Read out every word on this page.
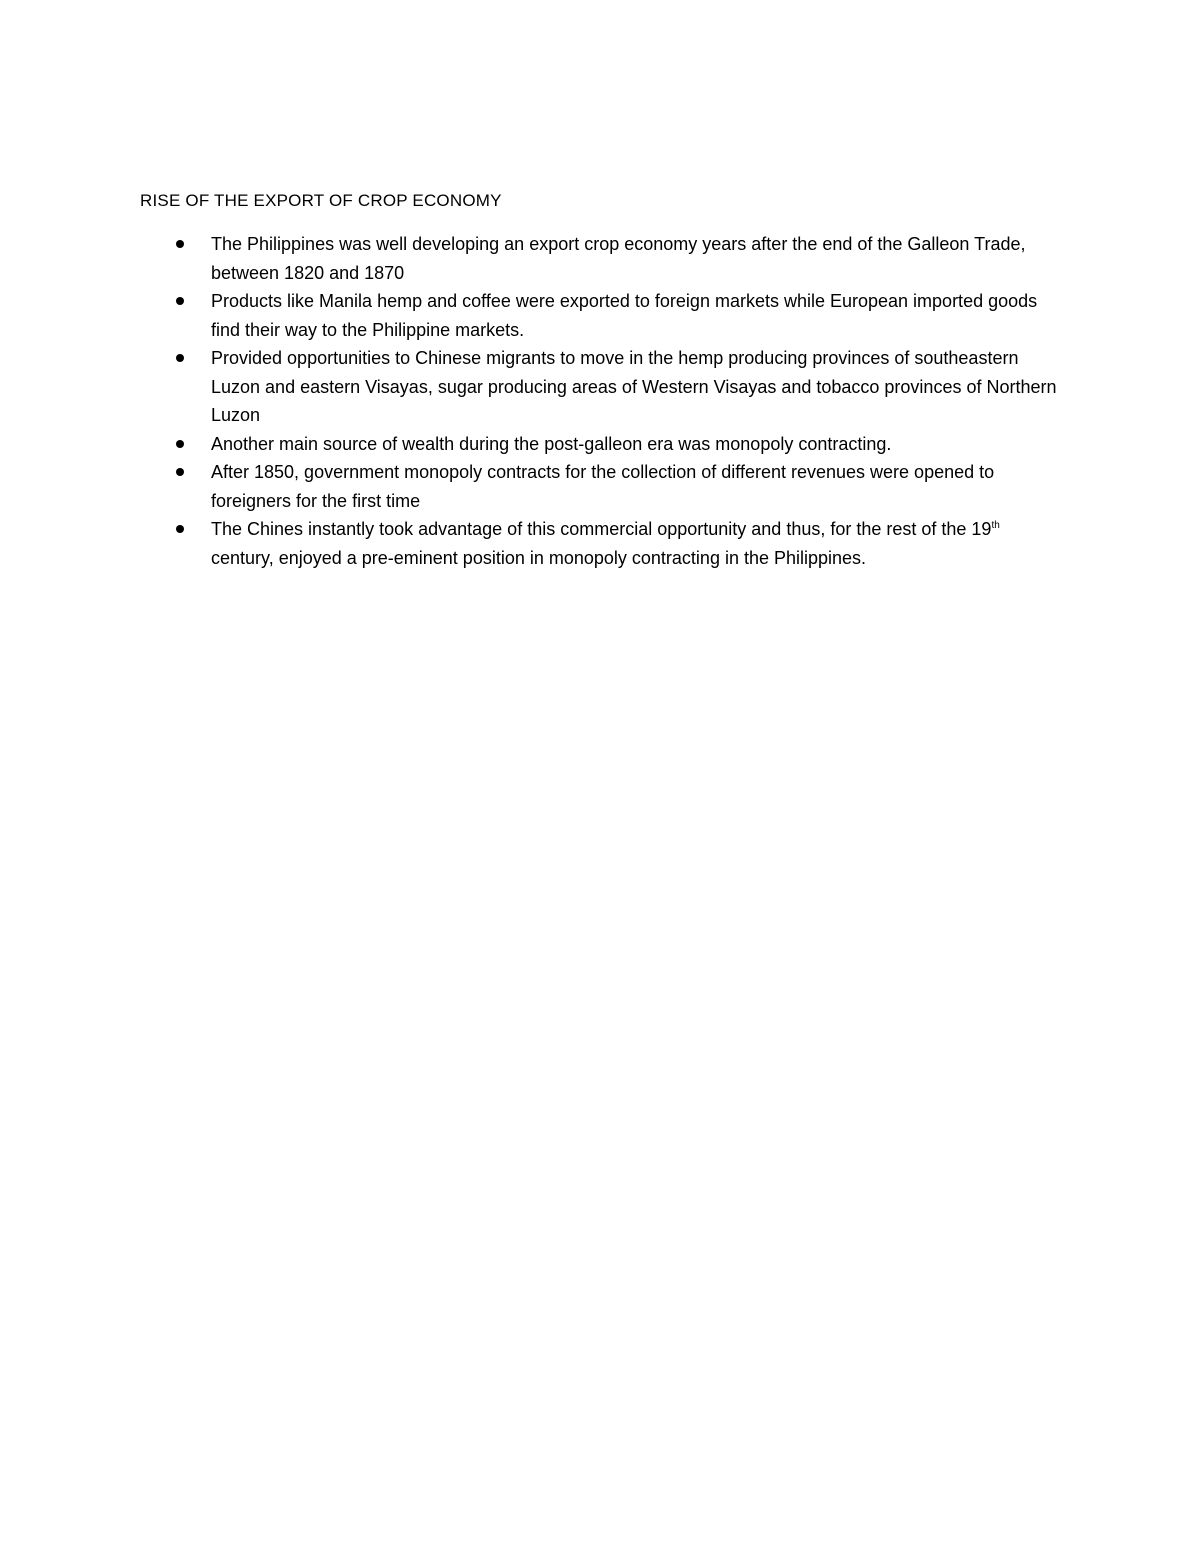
RISE OF THE EXPORT OF CROP ECONOMY
The Philippines was well developing an export crop economy years after the end of the Galleon Trade, between 1820 and 1870
Products like Manila hemp and coffee were exported to foreign markets while European imported goods find their way to the Philippine markets.
Provided opportunities to Chinese migrants to move in the hemp producing provinces of southeastern Luzon and eastern Visayas, sugar producing areas of Western Visayas and tobacco provinces of Northern Luzon
Another main source of wealth during the post-galleon era was monopoly contracting.
After 1850, government monopoly contracts for the collection of different revenues were opened to foreigners for the first time
The Chines instantly took advantage of this commercial opportunity and thus, for the rest of the 19th century, enjoyed a pre-eminent position in monopoly contracting in the Philippines.
